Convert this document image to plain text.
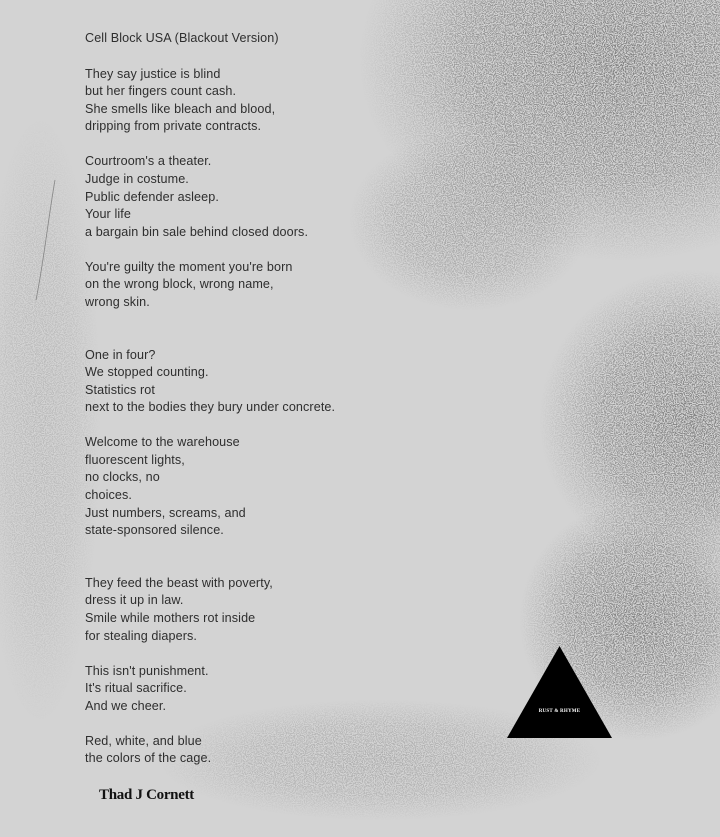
Cell Block USA (Blackout Version)
They say justice is blind
but her fingers count cash.
She smells like bleach and blood,
dripping from private contracts.
Courtroom's a theater.
Judge in costume.
Public defender asleep.
Your life
a bargain bin sale behind closed doors.
You're guilty the moment you're born
on the wrong block, wrong name,
wrong skin.
One in four?
We stopped counting.
Statistics rot
next to the bodies they bury under concrete.
Welcome to the warehouse
fluorescent lights,
no clocks, no
choices.
Just numbers, screams, and
state-sponsored silence.
They feed the beast with poverty,
dress it up in law.
Smile while mothers rot inside
for stealing diapers.
This isn't punishment.
It's ritual sacrifice.
And we cheer.
Red, white, and blue
the colors of the cage.
Thad J Cornett
RUST & RHYME
